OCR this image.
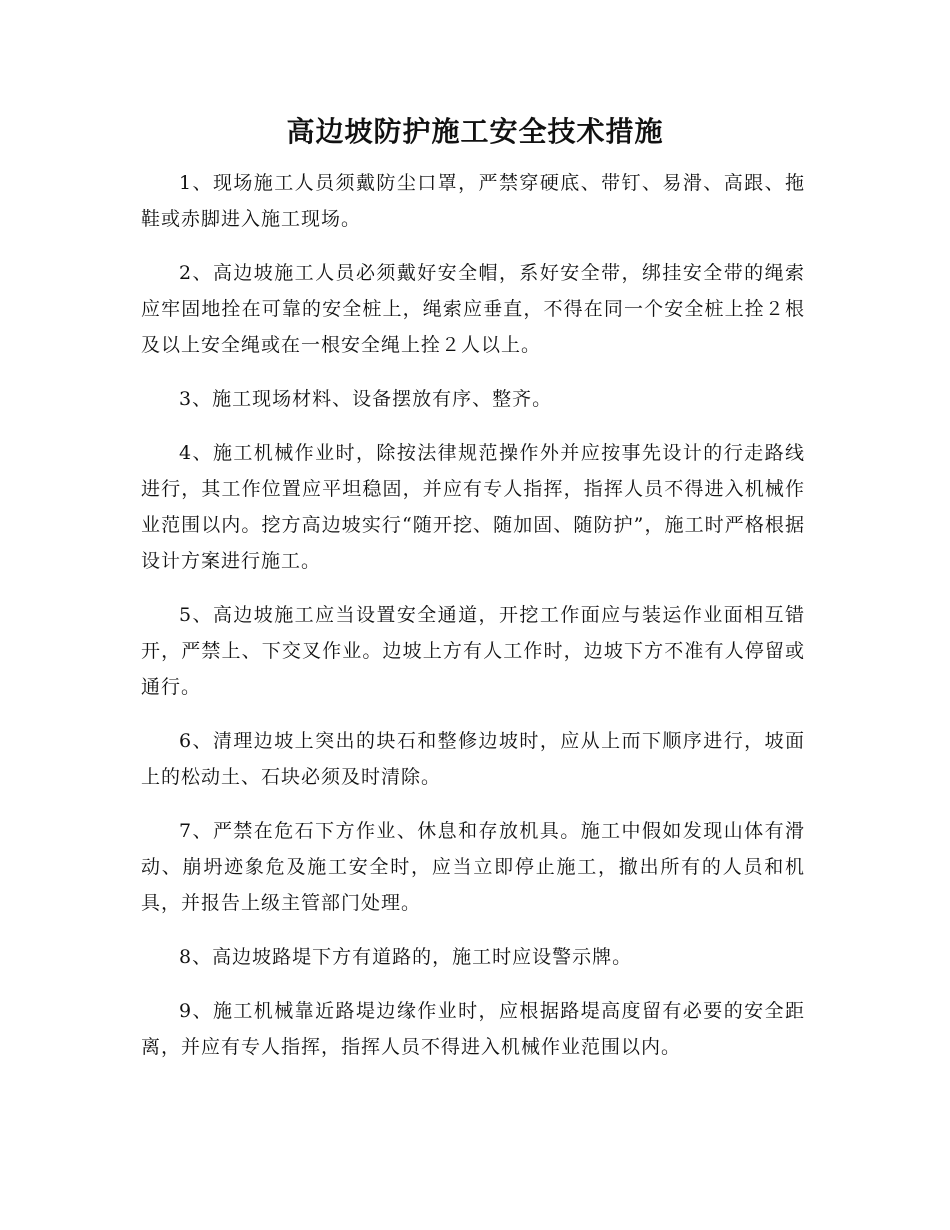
高边坡防护施工安全技术措施

1、现场施工人员须戴防尘口罩，严禁穿硬底、带钉、易滑、高跟、拖鞋或赤脚进入施工现场。

2、高边坡施工人员必须戴好安全帽，系好安全带，绑挂安全带的绳索应牢固地拴在可靠的安全桩上，绳索应垂直，不得在同一个安全桩上拴２根及以上安全绳或在一根安全绳上拴２人以上。

3、施工现场材料、设备摆放有序、整齐。

4、施工机械作业时，除按法律规范操作外并应按事先设计的行走路线进行，其工作位置应平坦稳固，并应有专人指挥，指挥人员不得进入机械作业范围以内。挖方高边坡实行“随开挖、随加固、随防护”，施工时严格根据设计方案进行施工。

5、高边坡施工应当设置安全通道，开挖工作面应与装运作业面相互错开，严禁上、下交叉作业。边坡上方有人工作时，边坡下方不准有人停留或通行。

6、清理边坡上突出的块石和整修边坡时，应从上而下顺序进行，坡面上的松动土、石块必须及时清除。

7、严禁在危石下方作业、休息和存放机具。施工中假如发现山体有滑动、崩坍迹象危及施工安全时，应当立即停止施工，撤出所有的人员和机具，并报告上级主管部门处理。

8、高边坡路堤下方有道路的，施工时应设警示牌。

9、施工机械靠近路堤边缘作业时，应根据路堤高度留有必要的安全距离，并应有专人指挥，指挥人员不得进入机械作业范围以内。
